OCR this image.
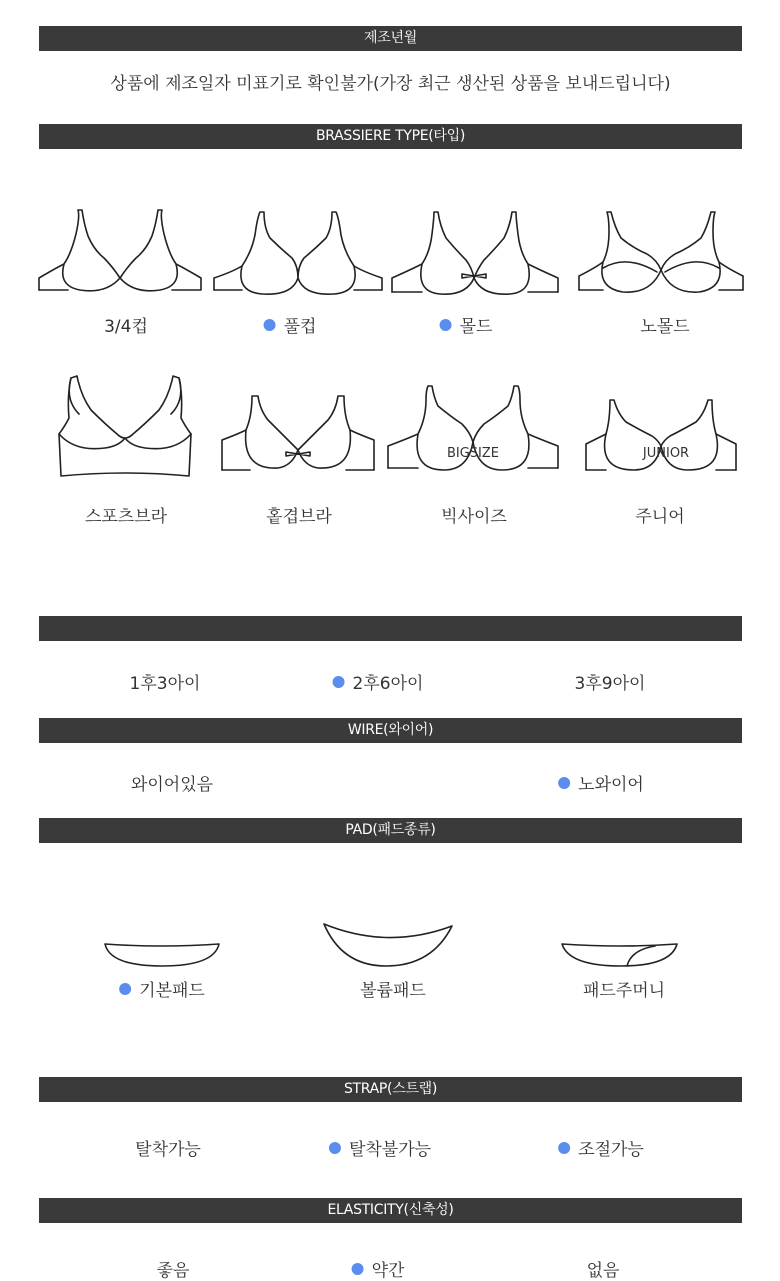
제조년월
상품에 제조일자 미표기로 확인불가(가장 최근 생산된 상품을 보내드립니다)
BRASSIERE TYPE(타입)
3/4컵	풀컵	몰드	노몰드
BIGSIZE	JUNIOR
스포츠브라	홑겹브라	빅사이즈	주니어
1후3아이	2후6아이	3후9아이
WIRE(와이어)
와이어있음	노와이어
PAD(패드종류)
기본패드	볼륨패드	패드주머니
STRAP(스트랩)
탈착가능	탈착불가능	조절가능
ELASTICITY(신축성)
좋음	약간	없음
